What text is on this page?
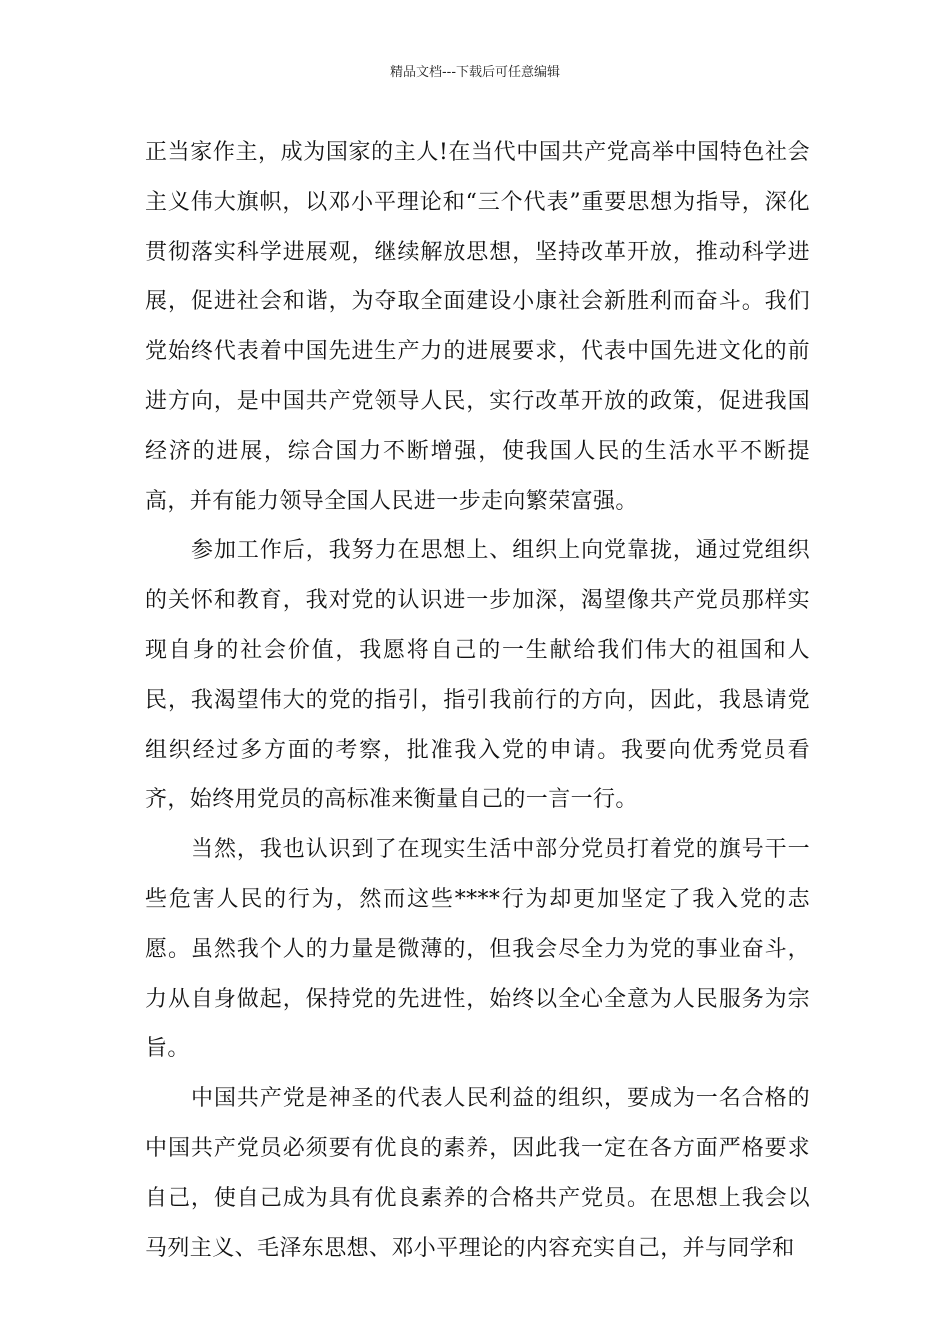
精品文档---下载后可任意编辑

正当家作主，成为国家的主人!在当代中国共产党高举中国特色社会主义伟大旗帜，以邓小平理论和“三个代表”重要思想为指导，深化贯彻落实科学进展观，继续解放思想，坚持改革开放，推动科学进展，促进社会和谐，为夺取全面建设小康社会新胜利而奋斗。我们党始终代表着中国先进生产力的进展要求，代表中国先进文化的前进方向，是中国共产党领导人民，实行改革开放的政策，促进我国经济的进展，综合国力不断增强，使我国人民的生活水平不断提高，并有能力领导全国人民进一步走向繁荣富强。

参加工作后，我努力在思想上、组织上向党靠拢，通过党组织的关怀和教育，我对党的认识进一步加深，渴望像共产党员那样实现自身的社会价值，我愿将自己的一生献给我们伟大的祖国和人民，我渴望伟大的党的指引，指引我前行的方向，因此，我恳请党组织经过多方面的考察，批准我入党的申请。我要向优秀党员看齐，始终用党员的高标准来衡量自己的一言一行。

当然，我也认识到了在现实生活中部分党员打着党的旗号干一些危害人民的行为，然而这些****行为却更加坚定了我入党的志愿。虽然我个人的力量是微薄的，但我会尽全力为党的事业奋斗，力从自身做起，保持党的先进性，始终以全心全意为人民服务为宗旨。

中国共产党是神圣的代表人民利益的组织，要成为一名合格的中国共产党员必须要有优良的素养，因此我一定在各方面严格要求自己，使自己成为具有优良素养的合格共产党员。在思想上我会以马列主义、毛泽东思想、邓小平理论的内容充实自己，并与同学和
